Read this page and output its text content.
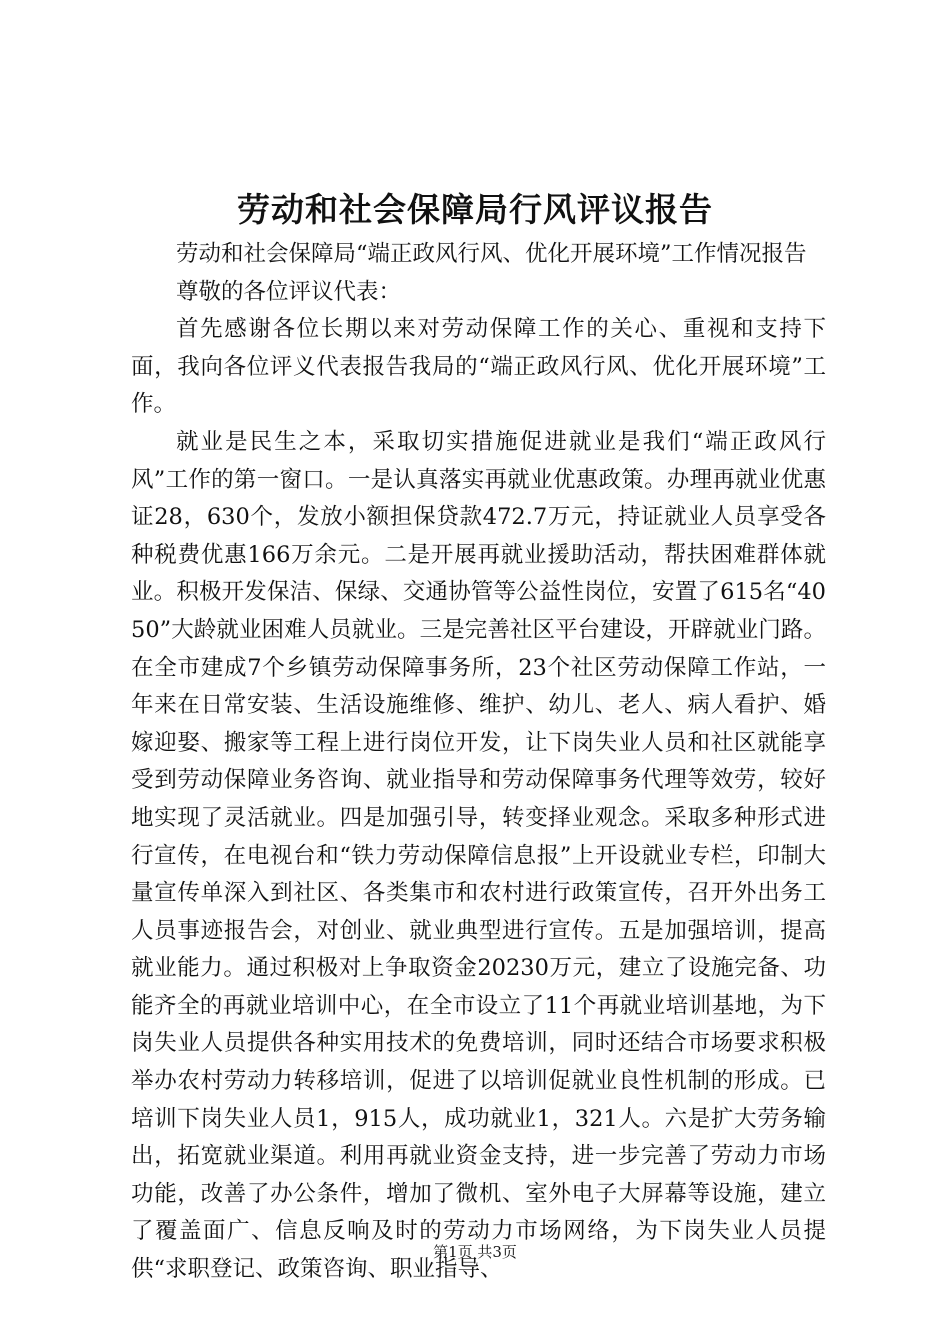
劳动和社会保障局行风评议报告

劳动和社会保障局“端正政风行风、优化开展环境”工作情况报告

尊敬的各位评议代表：

首先感谢各位长期以来对劳动保障工作的关心、重视和支持下面，我向各位评义代表报告我局的“端正政风行风、优化开展环境”工作。

就业是民生之本，采取切实措施促进就业是我们“端正政风行风”工作的第一窗口。一是认真落实再就业优惠政策。办理再就业优惠证28，630个，发放小额担保贷款472.7万元，持证就业人员享受各种税费优惠166万余元。二是开展再就业援助活动，帮扶困难群体就业。积极开发保洁、保绿、交通协管等公益性岗位，安置了615名“4050”大龄就业困难人员就业。三是完善社区平台建设，开辟就业门路。在全市建成7个乡镇劳动保障事务所，23个社区劳动保障工作站，一年来在日常安装、生活设施维修、维护、幼儿、老人、病人看护、婚嫁迎娶、搬家等工程上进行岗位开发，让下岗失业人员和社区就能享受到劳动保障业务咨询、就业指导和劳动保障事务代理等效劳，较好地实现了灵活就业。四是加强引导，转变择业观念。采取多种形式进行宣传，在电视台和“铁力劳动保障信息报”上开设就业专栏，印制大量宣传单深入到社区、各类集市和农村进行政策宣传，召开外出务工人员事迹报告会，对创业、就业典型进行宣传。五是加强培训，提高就业能力。通过积极对上争取资金20230万元，建立了设施完备、功能齐全的再就业培训中心，在全市设立了11个再就业培训基地，为下岗失业人员提供各种实用技术的免费培训，同时还结合市场要求积极举办农村劳动力转移培训，促进了以培训促就业良性机制的形成。已培训下岗失业人员1，915人，成功就业1，321人。六是扩大劳务输出，拓宽就业渠道。利用再就业资金支持，进一步完善了劳动力市场功能，改善了办公条件，增加了微机、室外电子大屏幕等设施，建立了覆盖面广、信息反响及时的劳动力市场网络，为下岗失业人员提供“求职登记、政策咨询、职业指导、

第1页 共3页
